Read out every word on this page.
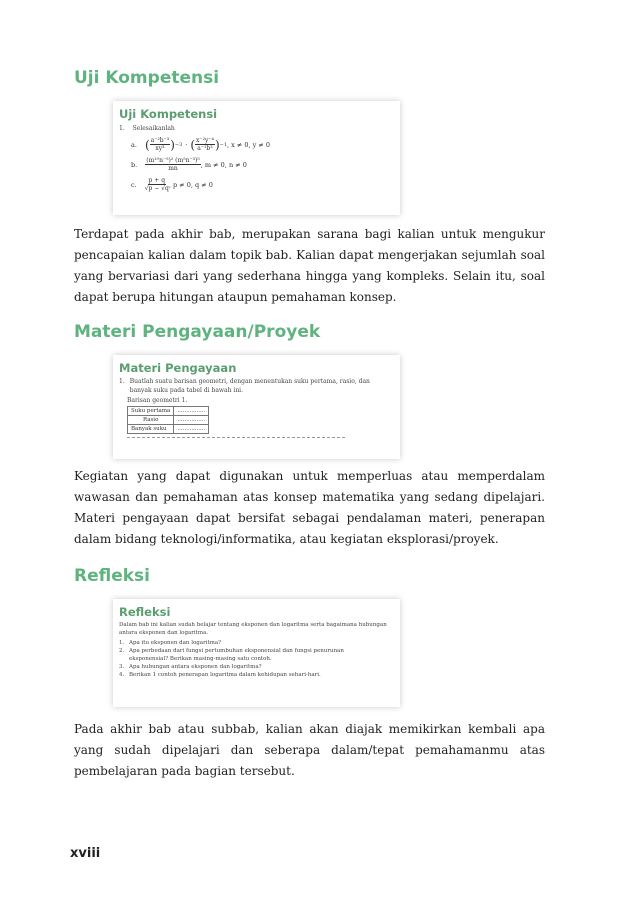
Uji Kompetensi
Uji Kompetensi
1. Selesaikanlah
a. ( $\frac{\text{a⁻²b⁻³}}{\text{xy³}}$ ) −3 · ( $\frac{\text{x⁻²y⁻⁴}}{\text{a⁻¹b³}}$ ) −1 , x ≠ 0, y ≠ 0
b. $\frac{\text{(m¹⁰n⁻⁵)² (m⁵n⁻³)⁵}}{mn}$ , m ≠ 0, n ≠ 0
c. $\frac{p + q}{√p - √q}$ , p ≠ 0, q ≠ 0

Terdapat pada akhir bab, merupakan sarana bagi kalian untuk mengukur pencapaian kalian dalam topik bab. Kalian dapat mengerjakan sejumlah soal yang bervariasi dari yang sederhana hingga yang kompleks. Selain itu, soal dapat berupa hitungan ataupun pemahaman konsep.

Materi Pengayaan/Proyek
Materi Pengayaan
1. Buatlah suatu barisan geometri, dengan menentukan suku pertama, rasio, dan banyak suku pada tabel di bawah ini.
Barisan geometri 1.
Suku pertama	................
Rasio	................
Banyak suku	................

Kegiatan yang dapat digunakan untuk memperluas atau memperdalam wawasan dan pemahaman atas konsep matematika yang sedang dipelajari. Materi pengayaan dapat bersifat sebagai pendalaman materi, penerapan dalam bidang teknologi/informatika, atau kegiatan eksplorasi/proyek.

Refleksi
Refleksi
Dalam bab ini kalian sudah belajar tentang eksponen dan logaritma serta bagaimana hubungan antara eksponen dan logaritma.
1. Apa itu eksponen dan logaritma?
2. Apa perbedaan dari fungsi pertumbuhan eksponensial dan fungsi penurunan eksponensial? Berikan masing-masing satu contoh.
3. Apa hubungan antara eksponen dan logaritma?
4. Berikan 1 contoh penerapan logaritma dalam kehidupan sehari-hari.

Pada akhir bab atau subbab, kalian akan diajak memikirkan kembali apa yang sudah dipelajari dan seberapa dalam/tepat pemahamanmu atas pembelajaran pada bagian tersebut.

xviii
